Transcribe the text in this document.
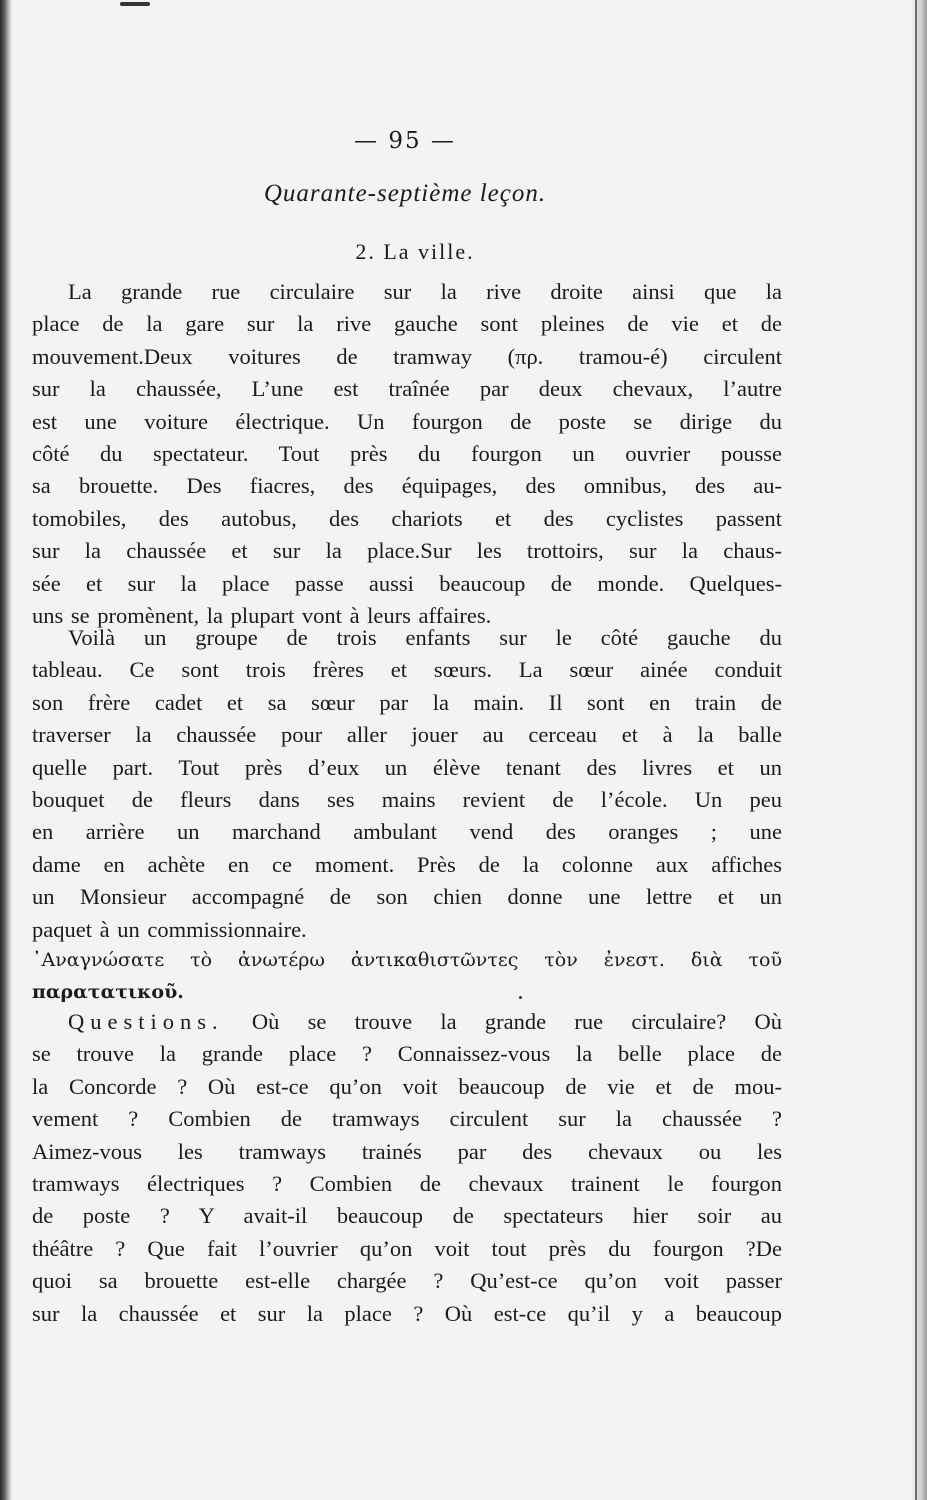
— 95 —
Quarante-septième leçon.
2. La ville.
La grande rue circulaire sur la rive droite ainsi que la
place de la gare sur la rive gauche sont pleines de vie et de
mouvement.Deux voitures de tramway (πρ. tramou-é) circulent
sur la chaussée, L’une est traînée par deux chevaux, l’autre
est une voiture électrique. Un fourgon de poste se dirige du
côté du spectateur. Tout près du fourgon un ouvrier pousse
sa brouette. Des fiacres, des équipages, des omnibus, des au-
tomobiles, des autobus, des chariots et des cyclistes passent
sur la chaussée et sur la place.Sur les trottoirs, sur la chaus-
sée et sur la place passe aussi beaucoup de monde. Quelques-
uns se promènent, la plupart vont à leurs affaires.
Voilà un groupe de trois enfants sur le côté gauche du
tableau. Ce sont trois frères et sœurs. La sœur ainée conduit
son frère cadet et sa sœur par la main. Il sont en train de
traverser la chaussée pour aller jouer au cerceau et à la balle
quelle part. Tout près d’eux un élève tenant des livres et un
bouquet de fleurs dans ses mains revient de l’école. Un peu
en arrière un marchand ambulant vend des oranges ; une
dame en achète en ce moment. Près de la colonne aux affiches
un Monsieur accompagné de son chien donne une lettre et un
paquet à un commissionnaire.
᾿Αναγνώσατε τὸ ἀνωτέρω ἀντικαθιστῶντες τὸν ἐνεστ. διὰ τοῦ
παρατατικοῦ.
Questions. Où se trouve la grande rue circulaire? Où
se trouve la grande place ? Connaissez-vous la belle place de
la Concorde ? Où est-ce qu’on voit beaucoup de vie et de mou-
vement ? Combien de tramways circulent sur la chaussée ?
Aimez-vous les tramways trainés par des chevaux ou les
tramways électriques ? Combien de chevaux trainent le fourgon
de poste ? Y avait-il beaucoup de spectateurs hier soir au
théâtre ? Que fait l’ouvrier qu’on voit tout près du fourgon ?De
quoi sa brouette est-elle chargée ? Qu’est-ce qu’on voit passer
sur la chaussée et sur la place ? Où est-ce qu’il y a beaucoup
